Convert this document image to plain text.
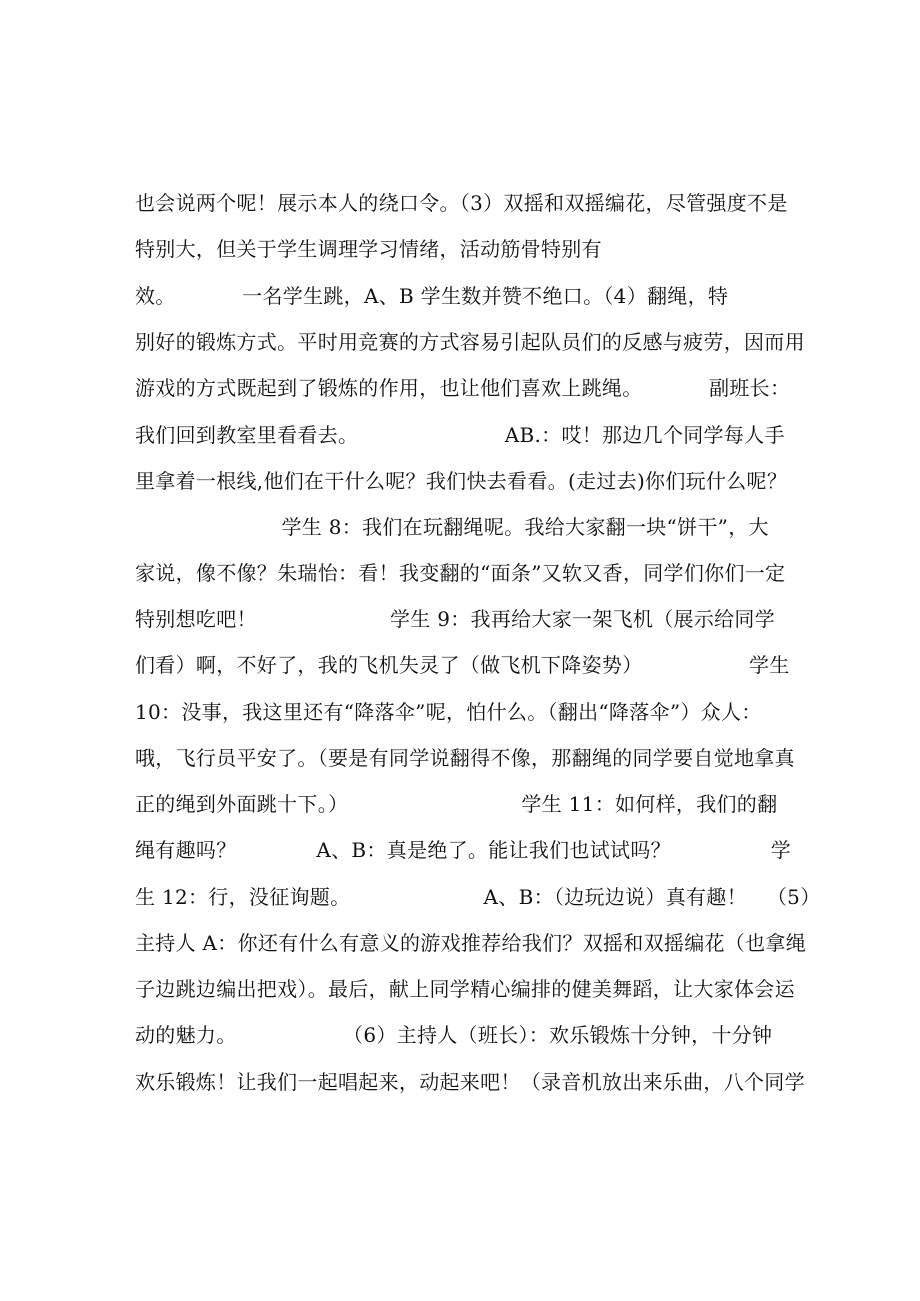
也会说两个呢！展示本人的绕口令。（3）双摇和双摇编花，尽管强度不是
特别大，但关于学生调理学习情绪，活动筋骨特别有
效。          一名学生跳，A、B 学生数并赞不绝口。（4）翻绳，特
别好的锻炼方式。平时用竞赛的方式容易引起队员们的反感与疲劳，因而用
游戏的方式既起到了锻炼的作用，也让他们喜欢上跳绳。          副班长：
我们回到教室里看看去。                      AB.：哎！那边几个同学每人手
里拿着一根线,他们在干什么呢？我们快去看看。(走过去)你们玩什么呢？
学生 8：我们在玩翻绳呢。我给大家翻一块“饼干”，大
家说，像不像？朱瑞怡：看！我变翻的“面条”又软又香，同学们你们一定
特别想吃吧！                    学生 9：我再给大家一架飞机（展示给同学
们看）啊，不好了，我的飞机失灵了（做飞机下降姿势）                学生
10：没事，我这里还有“降落伞”呢，怕什么。（翻出“降落伞”）众人：
哦，飞行员平安了。（要是有同学说翻得不像，那翻绳的同学要自觉地拿真
正的绳到外面跳十下。）                          学生 11：如何样，我们的翻
绳有趣吗？            A、B：真是绝了。能让我们也试试吗？               学
生 12：行，没征询题。                    A、B：（边玩边说）真有趣！   （5）
主持人 A：你还有什么有意义的游戏推荐给我们？双摇和双摇编花（也拿绳
子边跳边编出把戏）。最后，献上同学精心编排的健美舞蹈，让大家体会运
动的魅力。                （6）主持人（班长）：欢乐锻炼十分钟，十分钟
欢乐锻炼！让我们一起唱起来，动起来吧！（录音机放出来乐曲，八个同学
